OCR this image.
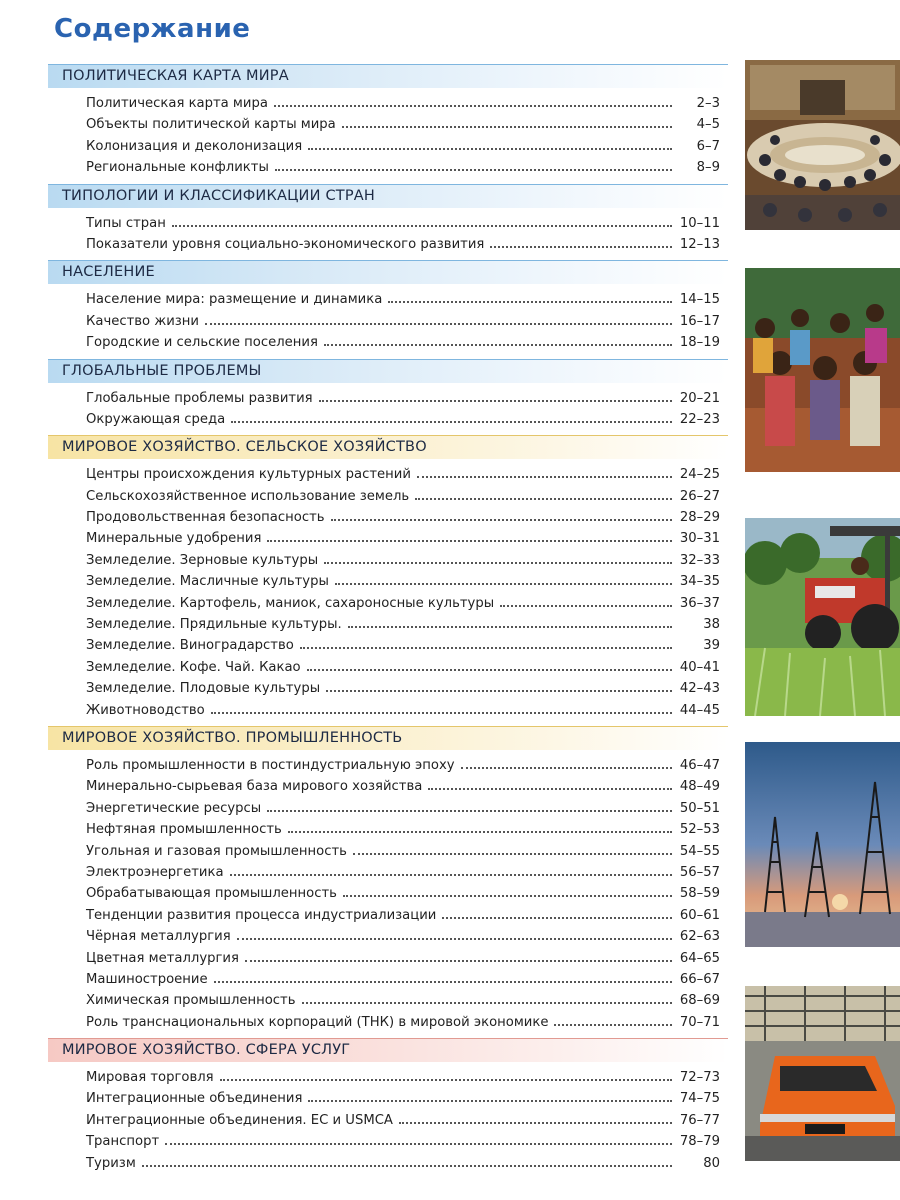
Содержание
ПОЛИТИЧЕСКАЯ КАРТА МИРА
Политическая карта мира	2–3
Объекты политической карты мира	4–5
Колонизация и деколонизация	6–7
Региональные конфликты	8–9
ТИПОЛОГИИ И КЛАССИФИКАЦИИ СТРАН
Типы стран	10–11
Показатели уровня социально-экономического развития	12–13
НАСЕЛЕНИЕ
Население мира: размещение и динамика	14–15
Качество жизни	16–17
Городские и сельские поселения	18–19
ГЛОБАЛЬНЫЕ ПРОБЛЕМЫ
Глобальные проблемы развития	20–21
Окружающая среда	22–23
МИРОВОЕ ХОЗЯЙСТВО. СЕЛЬСКОЕ ХОЗЯЙСТВО
Центры происхождения культурных растений	24–25
Сельскохозяйственное использование земель	26–27
Продовольственная безопасность	28–29
Минеральные удобрения	30–31
Земледелие. Зерновые культуры	32–33
Земледелие. Масличные культуры	34–35
Земледелие. Картофель, маниок, сахароносные культуры	36–37
Земледелие. Прядильные культуры.	38
Земледелие. Виноградарство	39
Земледелие. Кофе. Чай. Какао	40–41
Земледелие. Плодовые культуры	42–43
Животноводство	44–45
МИРОВОЕ ХОЗЯЙСТВО. ПРОМЫШЛЕННОСТЬ
Роль промышленности в постиндустриальную эпоху	46–47
Минерально-сырьевая база мирового хозяйства	48–49
Энергетические ресурсы	50–51
Нефтяная промышленность	52–53
Угольная и газовая промышленность	54–55
Электроэнергетика	56–57
Обрабатывающая промышленность	58–59
Тенденции развития процесса индустриализации	60–61
Чёрная металлургия	62–63
Цветная металлургия	64–65
Машиностроение	66–67
Химическая промышленность	68–69
Роль транснациональных корпораций (ТНК) в мировой экономике	70–71
МИРОВОЕ ХОЗЯЙСТВО. СФЕРА УСЛУГ
Мировая торговля	72–73
Интеграционные объединения	74–75
Интеграционные объединения. ЕС и USMCA	76–77
Транспорт	78–79
Туризм	80
